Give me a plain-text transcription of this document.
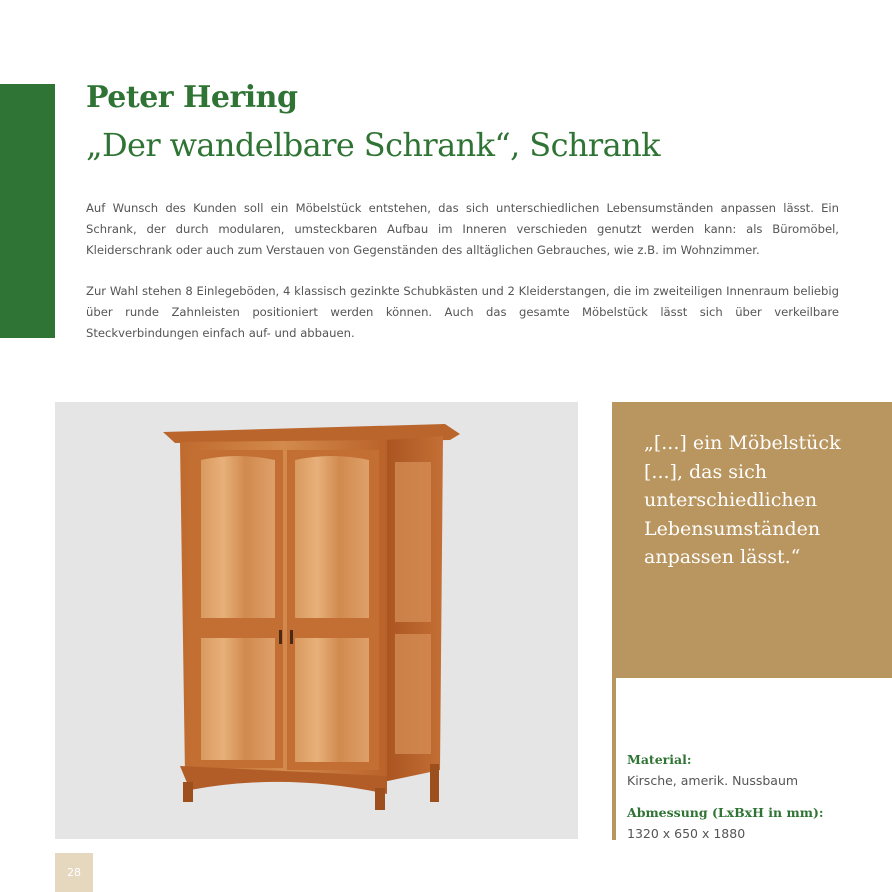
Peter Hering
„Der wandelbare Schrank“, Schrank

Auf Wunsch des Kunden soll ein Möbelstück entstehen, das sich unterschiedlichen Lebensumständen anpassen lässt. Ein Schrank, der durch modularen, umsteckbaren Aufbau im Inneren verschieden genutzt werden kann: als Büromöbel, Kleiderschrank oder auch zum Verstauen von Gegenständen des alltäglichen Gebrauches, wie z.B. im Wohnzimmer.

Zur Wahl stehen 8 Einlegeböden, 4 klassisch gezinkte Schubkästen und 2 Kleiderstangen, die im zweiteiligen Innenraum beliebig über runde Zahnleisten positioniert werden können. Auch das gesamte Möbelstück lässt sich über verkeilbare Steckverbindungen einfach auf- und abbauen.

„[...] ein Möbelstück [...], das sich unterschiedlichen Lebensumständen anpassen lässt.“

Material:

Kirsche, amerik. Nussbaum

Abmessung (LxBxH in mm):

1320 x 650 x 1880

28
